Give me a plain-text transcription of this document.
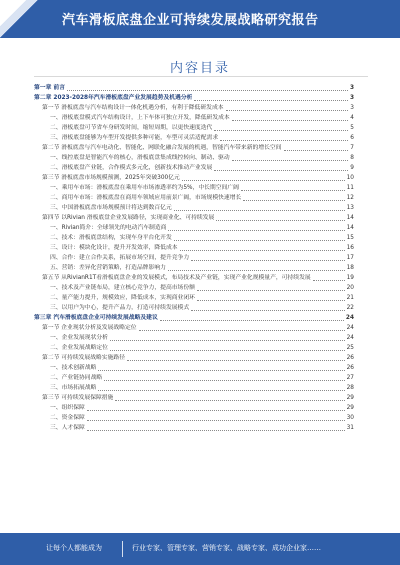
汽车滑板底盘企业可持续发展战略研究报告
内容目录
第一章 前言	3
第二章 2023-2028年汽车滑板底盘产业发展趋势及机遇分析	3
第一节 滑板底盘与汽车结构设计一体化机遇分析，有利于降低研发成本	3
一、滑板底盘模式汽车结构设计，上下车体可独立开发，降低研发成本	4
二、滑板底盘可节省车身研发时间，缩短周期，以更快速度迭代	5
三、滑板底盘能够为车型开发提供多种可能，车型可灵活适配需求	6
第二节 滑板底盘与汽车电动化、智能化、网联化融合发展的机遇，智能汽车带来新的增长空间	7
一、线控底盘是智能汽车的核心，滑板底盘集成线控转向、制动、驱动	8
二、滑板底盘产业链，合作模式多元化，创新技术推动产业发展	9
第三节 滑板底盘市场规模预测，2025年突破300亿元	10
一、乘用车市场：滑板底盘在乘用车市场渗透率约为5%，中长期空间广阔	11
二、商用车市场：滑板底盘在商用车领域应用前景广阔，市场规模快速增长	12
三、中国滑板底盘市场规模预计将达到数百亿元	13
第四节 以Rivian 滑板底盘企业发展路径，实现商业化、可持续发展	14
一、Rivian简介：全球领先的电动汽车制造商	14
二、技术：滑板底盘结构，实现车身平台化开发	15
三、设计：模块化设计，提升开发效率，降低成本	16
四、合作：建立合作关系，拓展市场空间，提升竞争力	17
五、营销：差异化营销策略，打造品牌影响力	18
第五节 从RivianR1T看滑板底盘企业的发展模式，布局技术及产业链，实现产业化规模量产，可持续发展	19
一、技术及产业链布局，建立核心竞争力，提高市场份额	20
二、量产能力提升，规模效应，降低成本，实现商业闭环	21
三、以用户为中心，提升产品力，打造可持续发展模式	22
第三章 汽车滑板底盘企业可持续发展战略及建议	24
第一节 企业现状分析及发展战略定位	24
一、企业发展现状分析	24
二、企业发展战略定位	25
第二节 可持续发展战略实施路径	26
一、技术创新战略	26
二、产业链协同战略	27
三、市场拓展战略	28
第三节 可持续发展保障措施	29
一、组织保障	29
二、资金保障	30
三、人才保障	31
让每个人都能成为	行业专家、管理专家、营销专家、战略专家、成功企业家……
